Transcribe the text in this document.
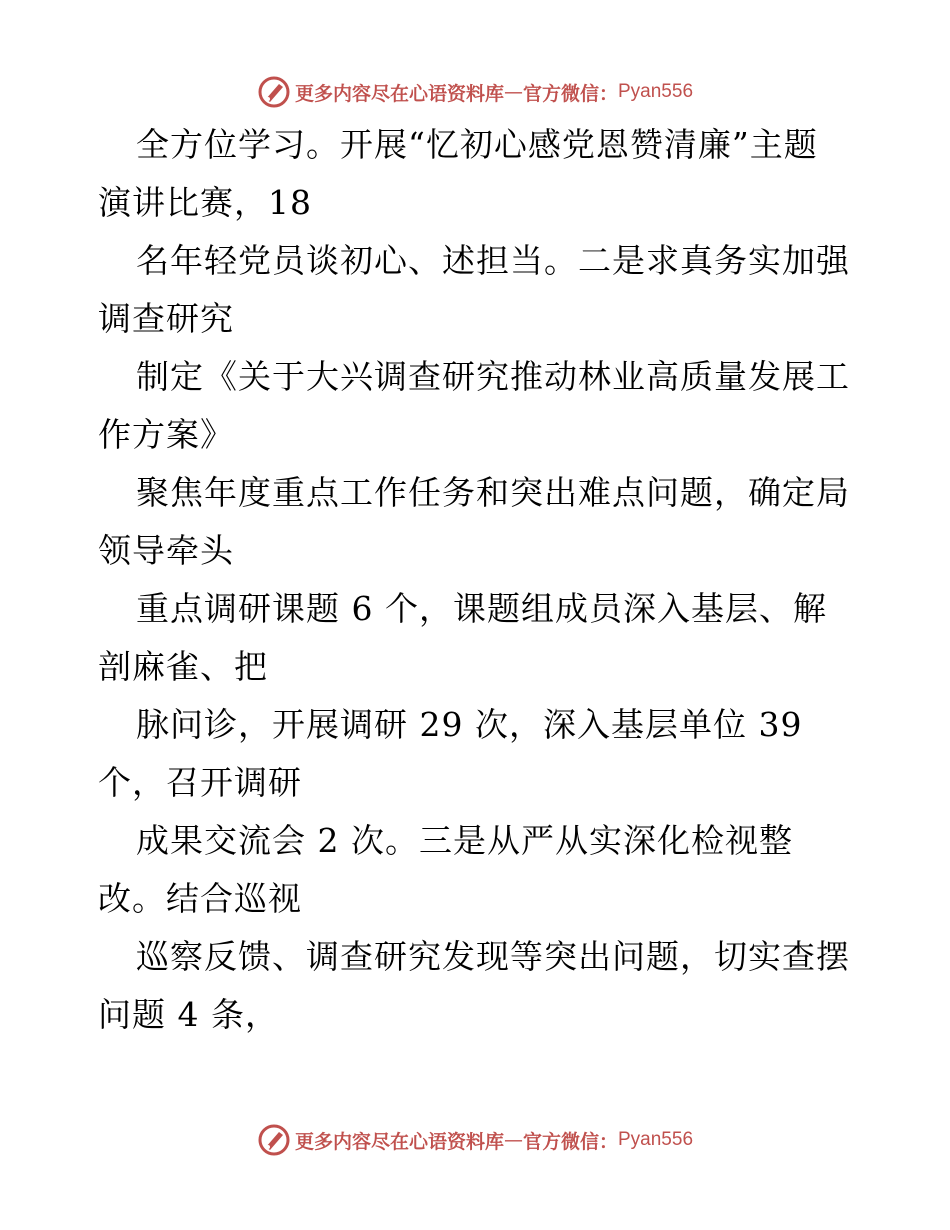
更多内容尽在心语资料库 — 官方微信： Pyan556
全方位学习。开展“忆初心感党恩赞清廉”主题
演讲比赛，18
名年轻党员谈初心、述担当。二是求真务实加强
调查研究
制定《关于大兴调查研究推动林业高质量发展工
作方案》
聚焦年度重点工作任务和突出难点问题，确定局
领导牵头
重点调研课题 6 个，课题组成员深入基层、解
剖麻雀、把
脉问诊，开展调研 29 次，深入基层单位 39
个，召开调研
成果交流会 2 次。三是从严从实深化检视整
改。结合巡视
巡察反馈、调查研究发现等突出问题，切实查摆
问题 4 条，
更多内容尽在心语资料库 — 官方微信： Pyan556
